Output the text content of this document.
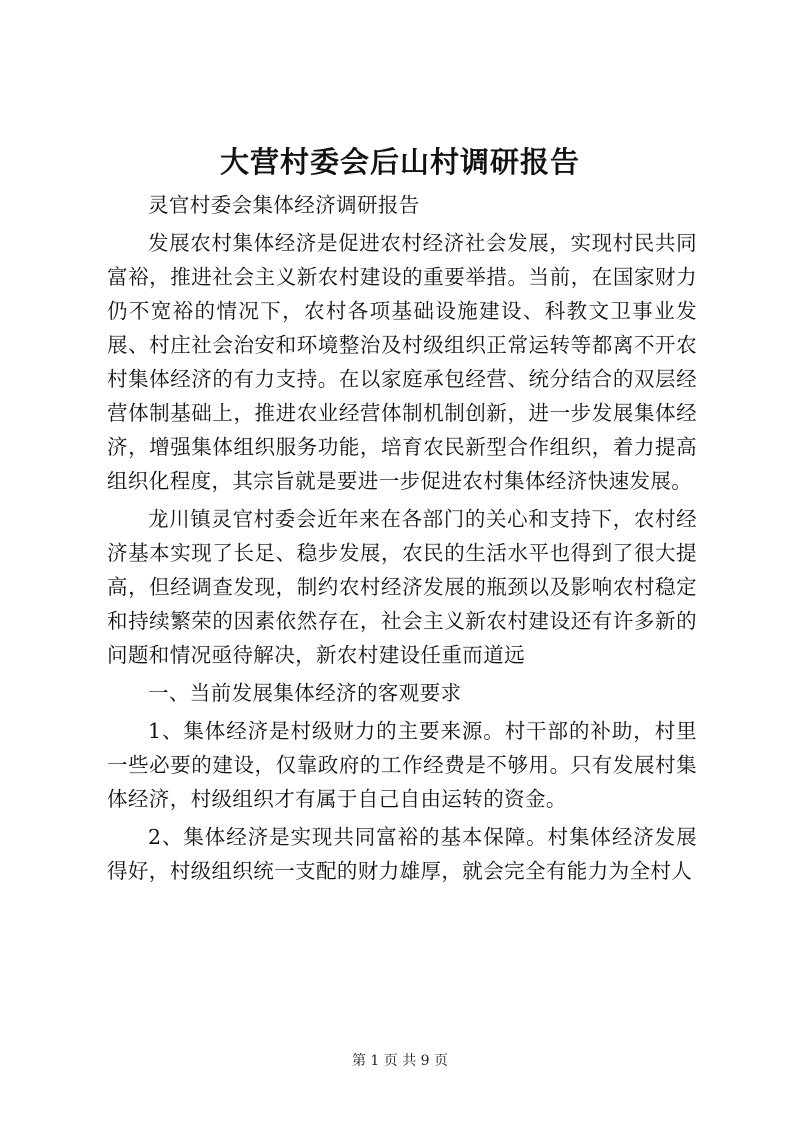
大营村委会后山村调研报告

灵官村委会集体经济调研报告

发展农村集体经济是促进农村经济社会发展，实现村民共同富裕，推进社会主义新农村建设的重要举措。当前，在国家财力仍不宽裕的情况下，农村各项基础设施建设、科教文卫事业发展、村庄社会治安和环境整治及村级组织正常运转等都离不开农村集体经济的有力支持。在以家庭承包经营、统分结合的双层经营体制基础上，推进农业经营体制机制创新，进一步发展集体经济，增强集体组织服务功能，培育农民新型合作组织，着力提高组织化程度，其宗旨就是要进一步促进农村集体经济快速发展。

龙川镇灵官村委会近年来在各部门的关心和支持下，农村经济基本实现了长足、稳步发展，农民的生活水平也得到了很大提高，但经调查发现，制约农村经济发展的瓶颈以及影响农村稳定和持续繁荣的因素依然存在，社会主义新农村建设还有许多新的问题和情况亟待解决，新农村建设任重而道远

一、当前发展集体经济的客观要求

1、集体经济是村级财力的主要来源。村干部的补助，村里一些必要的建设，仅靠政府的工作经费是不够用。只有发展村集体经济，村级组织才有属于自己自由运转的资金。

2、集体经济是实现共同富裕的基本保障。村集体经济发展得好，村级组织统一支配的财力雄厚，就会完全有能力为全村人

第 1 页 共 9 页
